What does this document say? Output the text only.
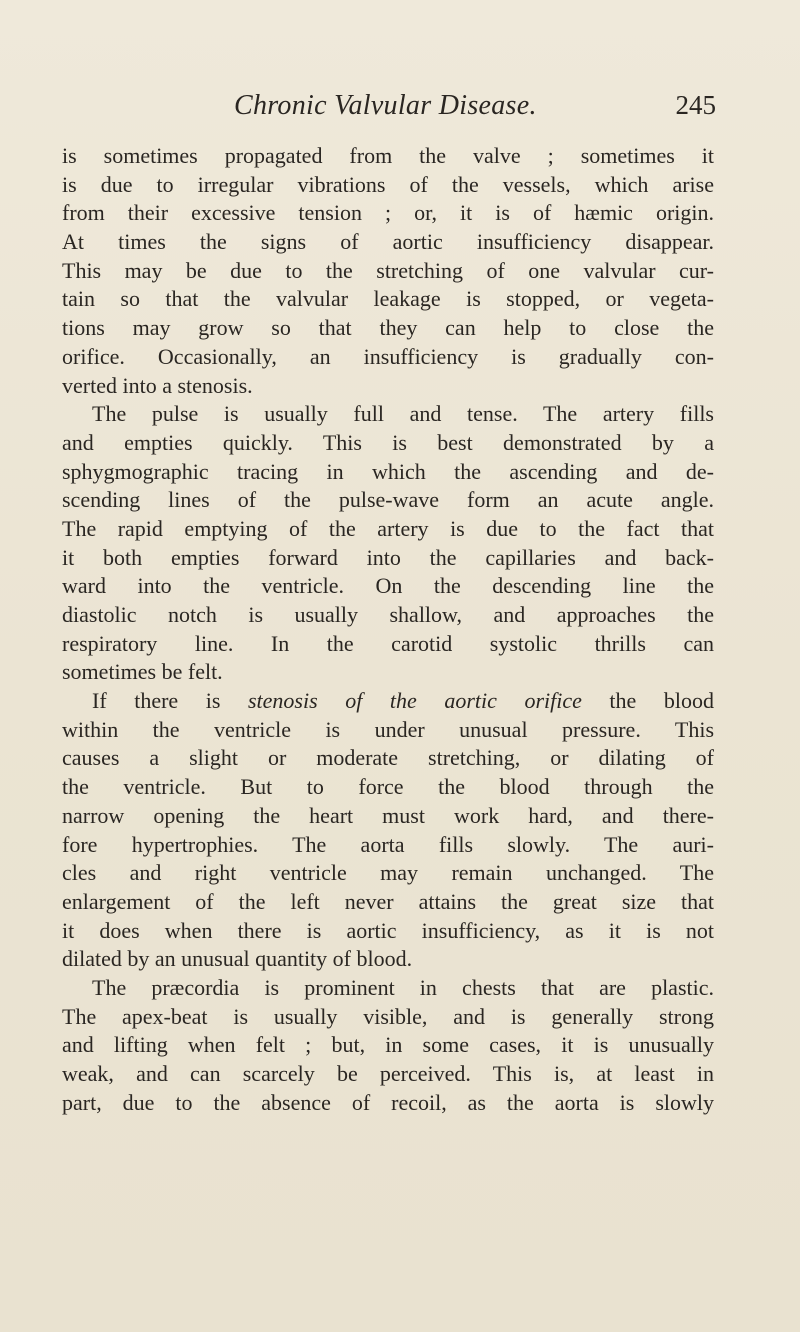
Chronic Valvular Disease.	245
is sometimes propagated from the valve ; sometimes it
is due to irregular vibrations of the vessels, which arise
from their excessive tension ; or, it is of hæmic origin.
At times the signs of aortic insufficiency disappear.
This may be due to the stretching of one valvular cur-
tain so that the valvular leakage is stopped, or vegeta-
tions may grow so that they can help to close the
orifice. Occasionally, an insufficiency is gradually con-
verted into a stenosis.
The pulse is usually full and tense. The artery fills
and empties quickly. This is best demonstrated by a
sphygmographic tracing in which the ascending and de-
scending lines of the pulse-wave form an acute angle.
The rapid emptying of the artery is due to the fact that
it both empties forward into the capillaries and back-
ward into the ventricle. On the descending line the
diastolic notch is usually shallow, and approaches the
respiratory line. In the carotid systolic thrills can
sometimes be felt.
If there is stenosis of the aortic orifice the blood
within the ventricle is under unusual pressure. This
causes a slight or moderate stretching, or dilating of
the ventricle. But to force the blood through the
narrow opening the heart must work hard, and there-
fore hypertrophies. The aorta fills slowly. The auri-
cles and right ventricle may remain unchanged. The
enlargement of the left never attains the great size that
it does when there is aortic insufficiency, as it is not
dilated by an unusual quantity of blood.
The præcordia is prominent in chests that are plastic.
The apex-beat is usually visible, and is generally strong
and lifting when felt ; but, in some cases, it is unusually
weak, and can scarcely be perceived. This is, at least in
part, due to the absence of recoil, as the aorta is slowly
